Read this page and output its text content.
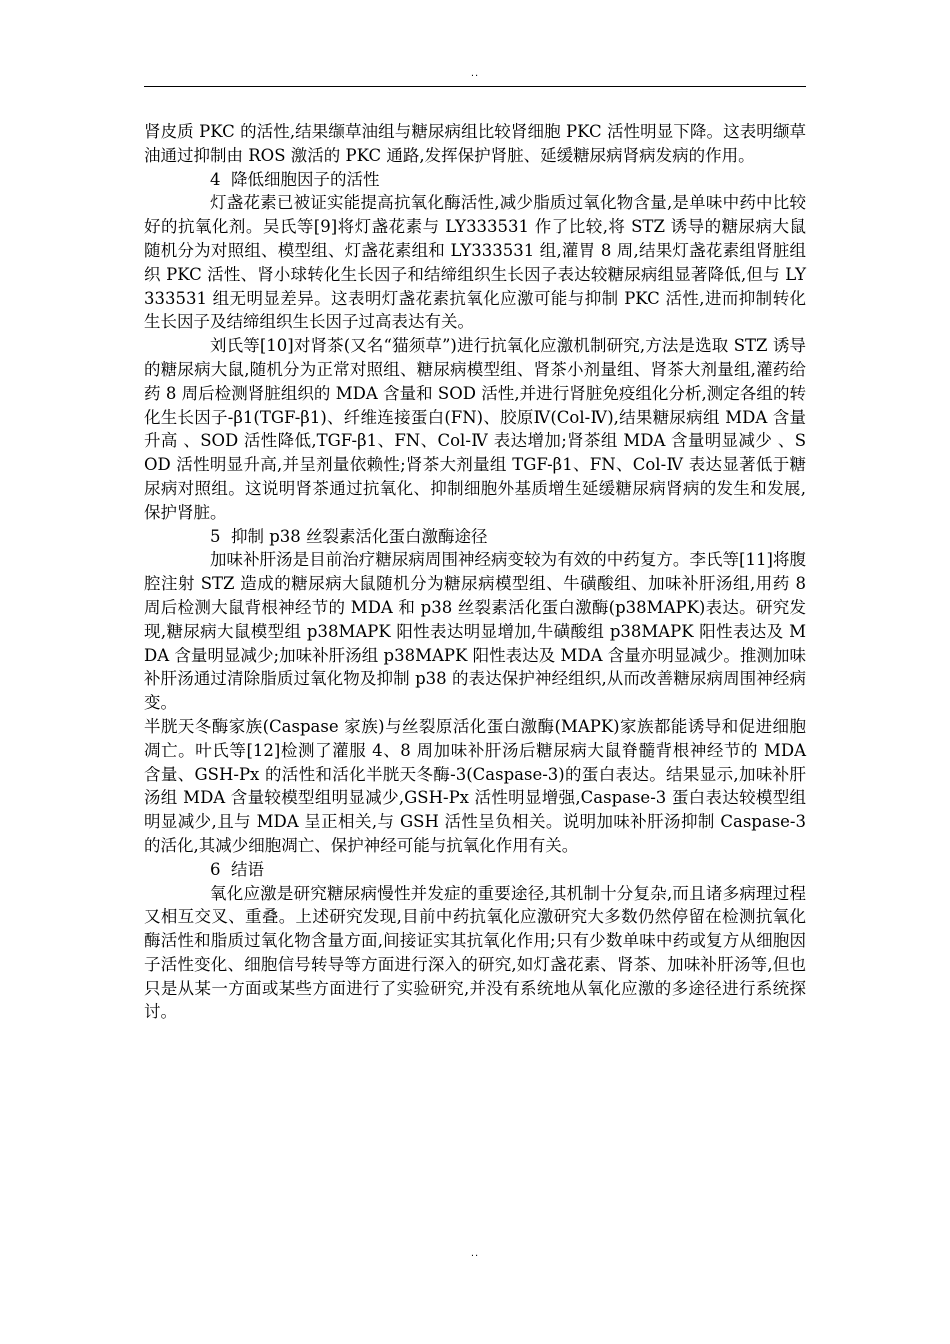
..

肾皮质 PKC 的活性,结果缬草油组与糖尿病组比较肾细胞 PKC 活性明显下降。这表明缬草油通过抑制由 ROS 激活的 PKC 通路,发挥保护肾脏、延缓糖尿病肾病发病的作用。

4  降低细胞因子的活性

灯盏花素已被证实能提高抗氧化酶活性,减少脂质过氧化物含量,是单味中药中比较好的抗氧化剂。吴氏等[9]将灯盏花素与 LY333531 作了比较,将 STZ 诱导的糖尿病大鼠随机分为对照组、模型组、灯盏花素组和 LY333531 组,灌胃 8 周,结果灯盏花素组肾脏组织 PKC 活性、肾小球转化生长因子和结缔组织生长因子表达较糖尿病组显著降低,但与 LY333531 组无明显差异。这表明灯盏花素抗氧化应激可能与抑制 PKC 活性,进而抑制转化生长因子及结缔组织生长因子过高表达有关。

刘氏等[10]对肾茶(又名“猫须草”)进行抗氧化应激机制研究,方法是选取 STZ 诱导的糖尿病大鼠,随机分为正常对照组、糖尿病模型组、肾茶小剂量组、肾茶大剂量组,灌药给药 8 周后检测肾脏组织的 MDA 含量和 SOD 活性,并进行肾脏免疫组化分析,测定各组的转化生长因子-β1(TGF-β1)、纤维连接蛋白(FN)、胶原Ⅳ(Col-Ⅳ),结果糖尿病组 MDA 含量升高 、SOD 活性降低,TGF-β1、FN、Col-Ⅳ 表达增加;肾茶组 MDA 含量明显减少 、SOD 活性明显升高,并呈剂量依赖性;肾茶大剂量组 TGF-β1、FN、Col-Ⅳ 表达显著低于糖尿病对照组。这说明肾茶通过抗氧化、抑制细胞外基质增生延缓糖尿病肾病的发生和发展,保护肾脏。

5  抑制 p38 丝裂素活化蛋白激酶途径

加味补肝汤是目前治疗糖尿病周围神经病变较为有效的中药复方。李氏等[11]将腹腔注射 STZ 造成的糖尿病大鼠随机分为糖尿病模型组、牛磺酸组、加味补肝汤组,用药 8 周后检测大鼠背根神经节的 MDA 和 p38 丝裂素活化蛋白激酶(p38MAPK)表达。研究发现,糖尿病大鼠模型组 p38MAPK 阳性表达明显增加,牛磺酸组 p38MAPK 阳性表达及 MDA 含量明显减少;加味补肝汤组 p38MAPK 阳性表达及 MDA 含量亦明显减少。推测加味补肝汤通过清除脂质过氧化物及抑制 p38 的表达保护神经组织,从而改善糖尿病周围神经病变。

半胱天冬酶家族(Caspase 家族)与丝裂原活化蛋白激酶(MAPK)家族都能诱导和促进细胞凋亡。叶氏等[12]检测了灌服 4、8 周加味补肝汤后糖尿病大鼠脊髓背根神经节的 MDA 含量、GSH-Px 的活性和活化半胱天冬酶-3(Caspase-3)的蛋白表达。结果显示,加味补肝汤组 MDA 含量较模型组明显减少,GSH-Px 活性明显增强,Caspase-3 蛋白表达较模型组明显减少,且与 MDA 呈正相关,与 GSH 活性呈负相关。说明加味补肝汤抑制 Caspase-3 的活化,其减少细胞凋亡、保护神经可能与抗氧化作用有关。

6  结语

氧化应激是研究糖尿病慢性并发症的重要途径,其机制十分复杂,而且诸多病理过程又相互交叉、重叠。上述研究发现,目前中药抗氧化应激研究大多数仍然停留在检测抗氧化酶活性和脂质过氧化物含量方面,间接证实其抗氧化作用;只有少数单味中药或复方从细胞因子活性变化、细胞信号转导等方面进行深入的研究,如灯盏花素、肾茶、加味补肝汤等,但也只是从某一方面或某些方面进行了实验研究,并没有系统地从氧化应激的多途径进行系统探讨。

..
